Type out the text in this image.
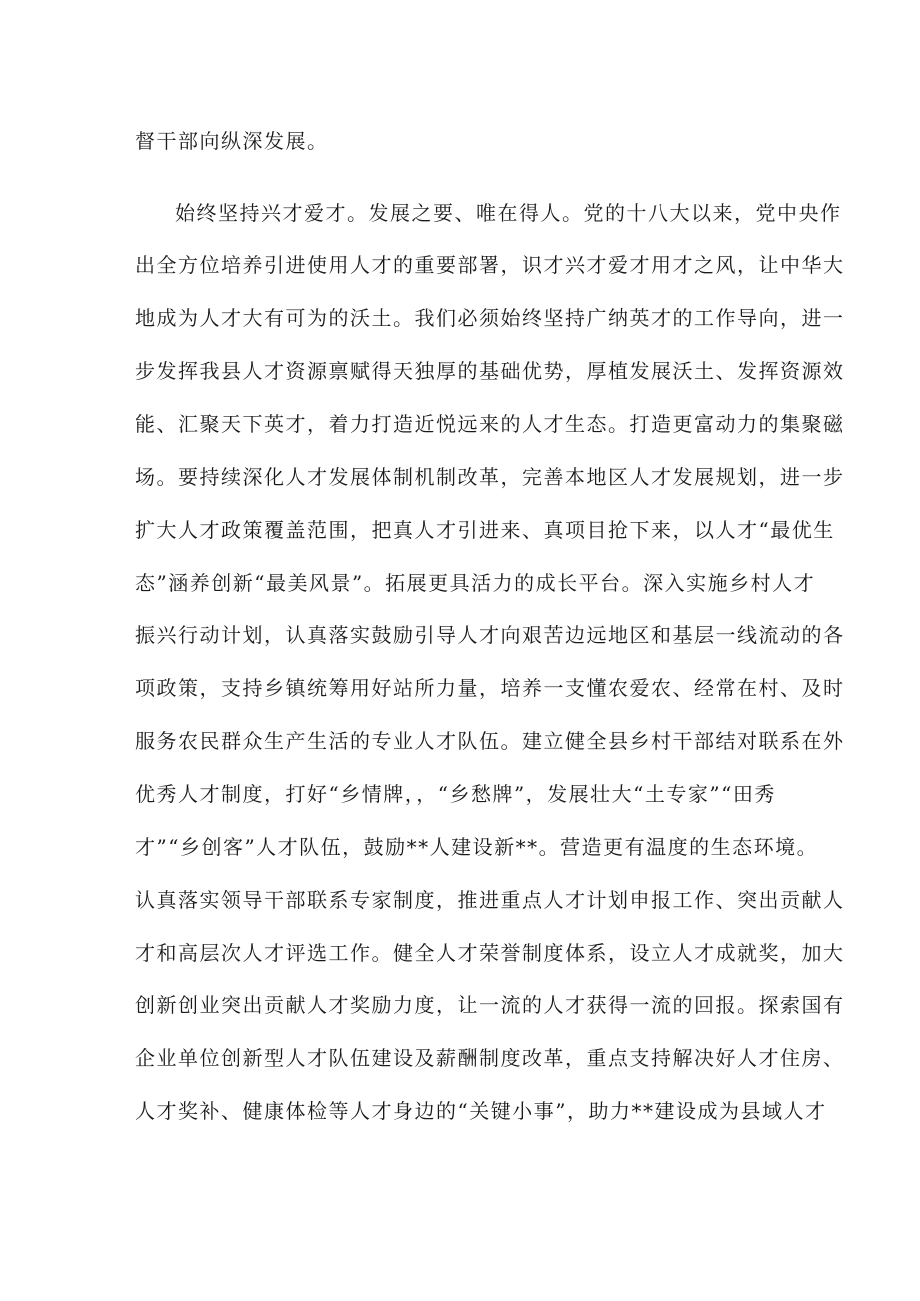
督干部向纵深发展。
始终坚持兴才爱才。发展之要、唯在得人。党的十八大以来，党中央作
出全方位培养引进使用人才的重要部署，识才兴才爱才用才之风，让中华大
地成为人才大有可为的沃土。我们必须始终坚持广纳英才的工作导向，进一
步发挥我县人才资源禀赋得天独厚的基础优势，厚植发展沃土、发挥资源效
能、汇聚天下英才，着力打造近悦远来的人才生态。打造更富动力的集聚磁
场。要持续深化人才发展体制机制改革，完善本地区人才发展规划，进一步
扩大人才政策覆盖范围，把真人才引进来、真项目抢下来，以人才“最优生
态”涵养创新“最美风景”。拓展更具活力的成长平台。深入实施乡村人才
振兴行动计划，认真落实鼓励引导人才向艰苦边远地区和基层一线流动的各
项政策，支持乡镇统筹用好站所力量，培养一支懂农爱农、经常在村、及时
服务农民群众生产生活的专业人才队伍。建立健全县乡村干部结对联系在外
优秀人才制度，打好“乡情牌，，“乡愁牌”，发展壮大“土专家”“田秀
才”“乡创客”人才队伍，鼓励**人建设新**。营造更有温度的生态环境。
认真落实领导干部联系专家制度，推进重点人才计划申报工作、突出贡献人
才和高层次人才评选工作。健全人才荣誉制度体系，设立人才成就奖，加大
创新创业突出贡献人才奖励力度，让一流的人才获得一流的回报。探索国有
企业单位创新型人才队伍建设及薪酬制度改革，重点支持解决好人才住房、
人才奖补、健康体检等人才身边的“关键小事”，助力**建设成为县域人才
